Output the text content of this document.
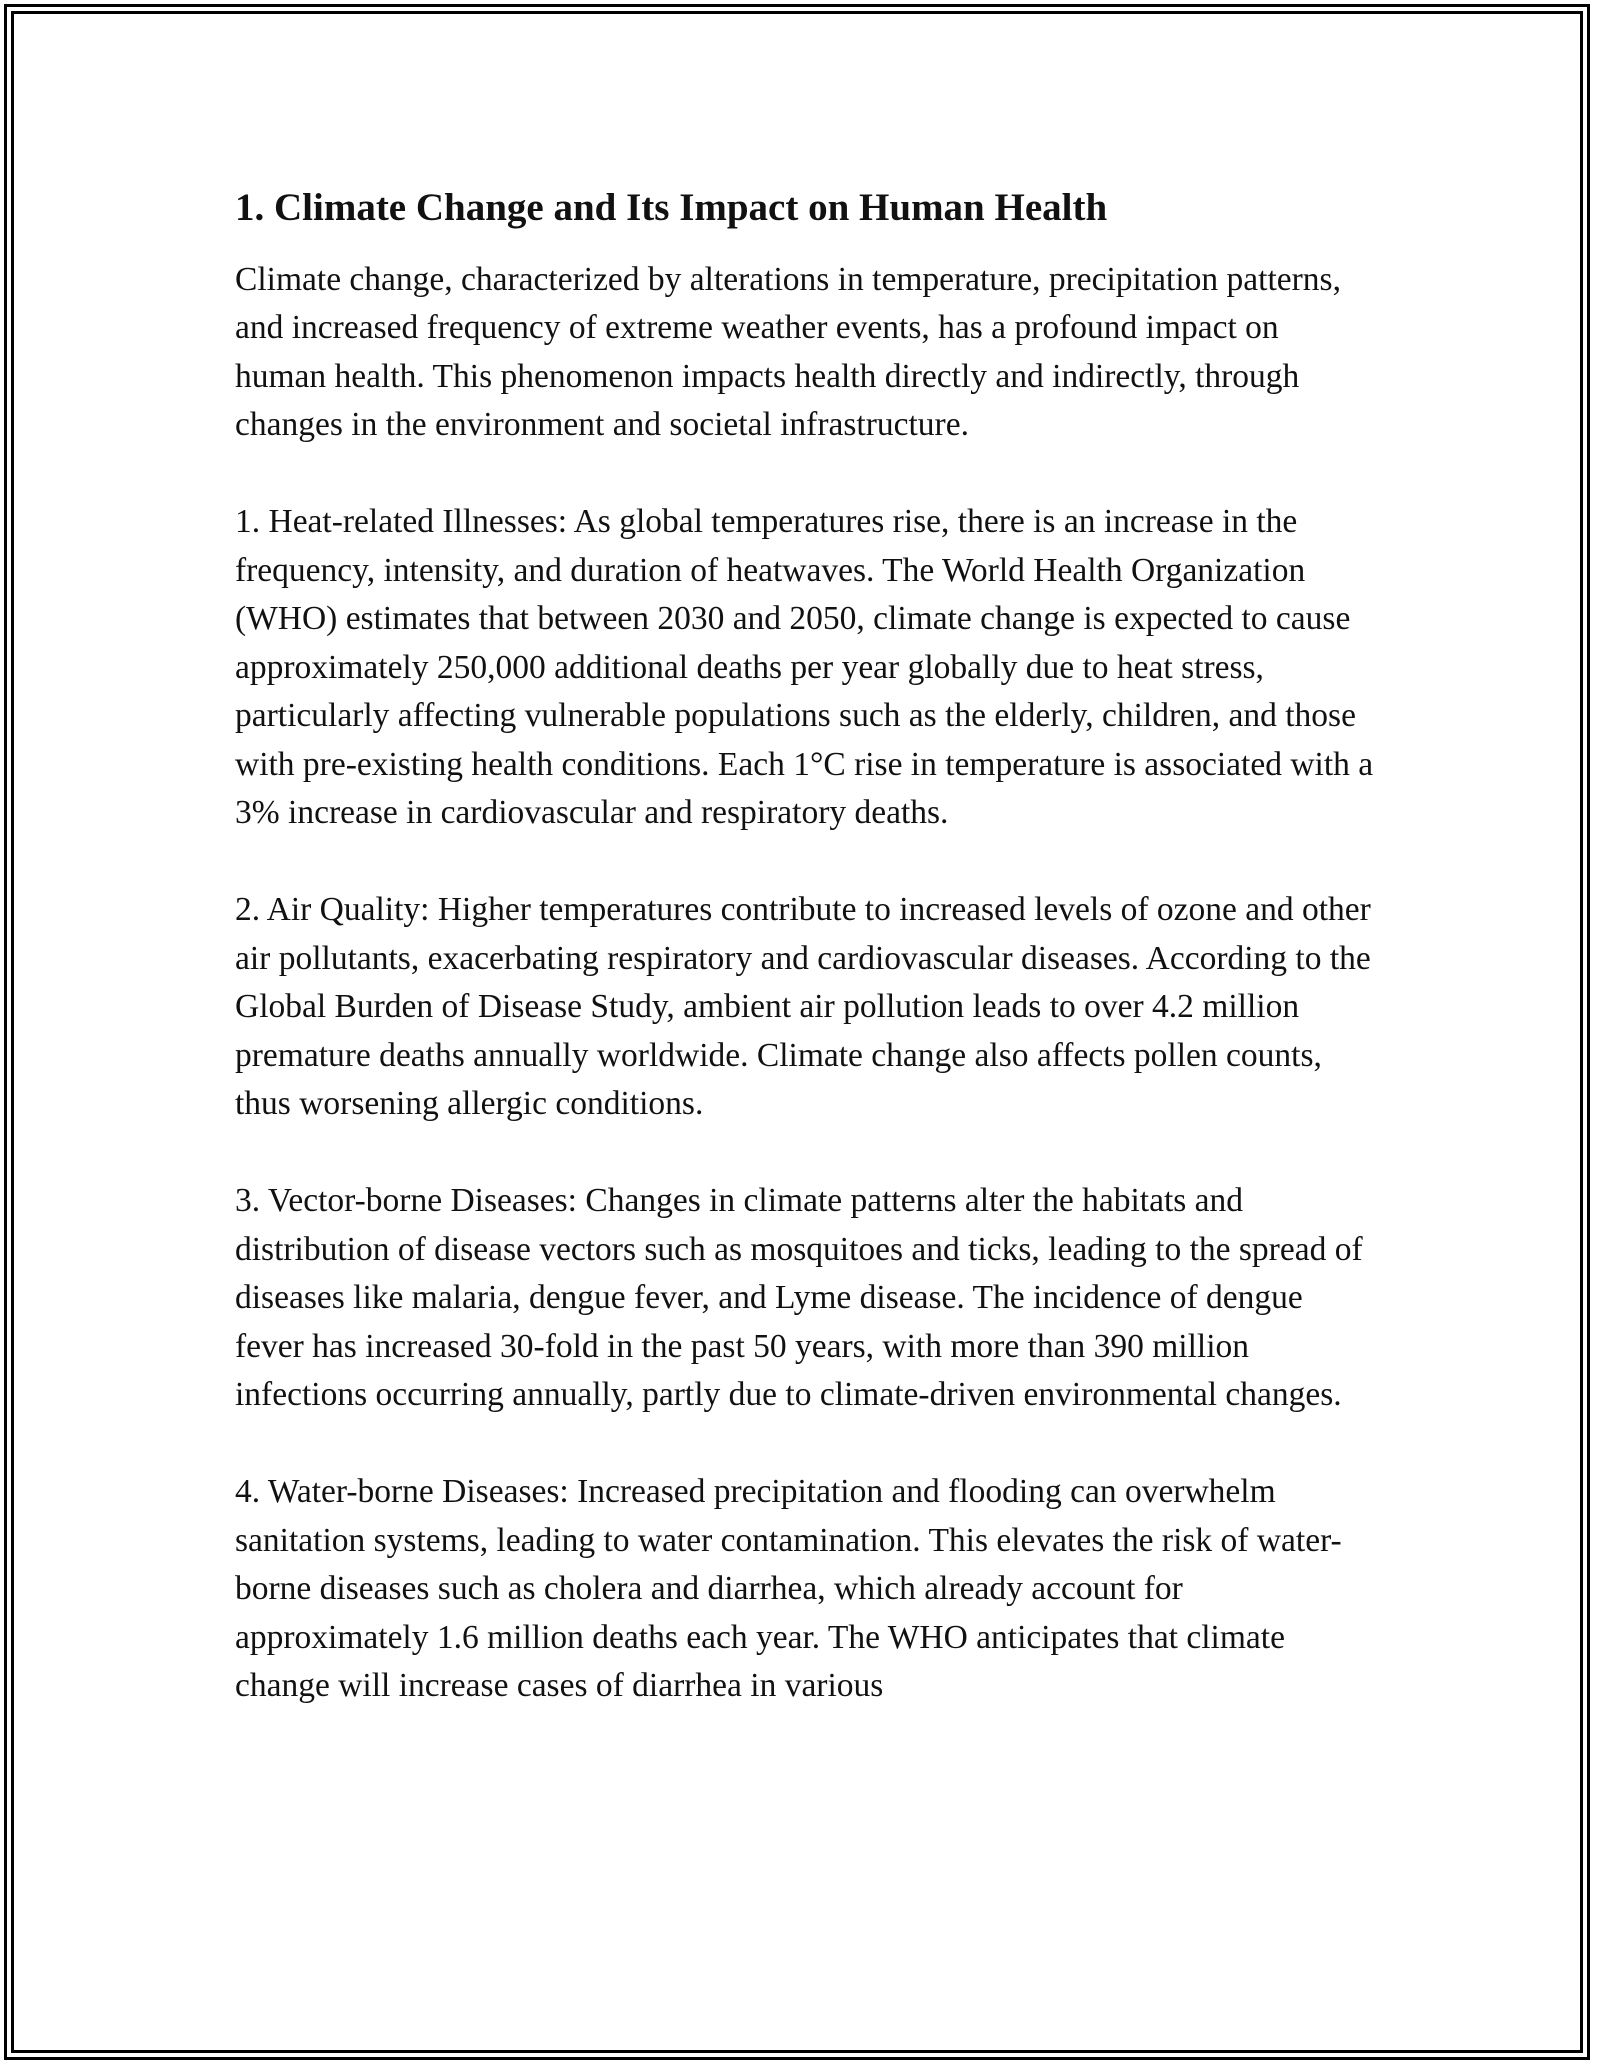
1. Climate Change and Its Impact on Human Health

Climate change, characterized by alterations in temperature, precipitation patterns, and increased frequency of extreme weather events, has a profound impact on human health. This phenomenon impacts health directly and indirectly, through changes in the environment and societal infrastructure.

1. Heat-related Illnesses: As global temperatures rise, there is an increase in the frequency, intensity, and duration of heatwaves. The World Health Organization (WHO) estimates that between 2030 and 2050, climate change is expected to cause approximately 250,000 additional deaths per year globally due to heat stress, particularly affecting vulnerable populations such as the elderly, children, and those with pre-existing health conditions. Each 1°C rise in temperature is associated with a 3% increase in cardiovascular and respiratory deaths.

2. Air Quality: Higher temperatures contribute to increased levels of ozone and other air pollutants, exacerbating respiratory and cardiovascular diseases. According to the Global Burden of Disease Study, ambient air pollution leads to over 4.2 million premature deaths annually worldwide. Climate change also affects pollen counts, thus worsening allergic conditions.

3. Vector-borne Diseases: Changes in climate patterns alter the habitats and distribution of disease vectors such as mosquitoes and ticks, leading to the spread of diseases like malaria, dengue fever, and Lyme disease. The incidence of dengue fever has increased 30-fold in the past 50 years, with more than 390 million infections occurring annually, partly due to climate-driven environmental changes.

4. Water-borne Diseases: Increased precipitation and flooding can overwhelm sanitation systems, leading to water contamination. This elevates the risk of water-borne diseases such as cholera and diarrhea, which already account for approximately 1.6 million deaths each year. The WHO anticipates that climate change will increase cases of diarrhea in various
